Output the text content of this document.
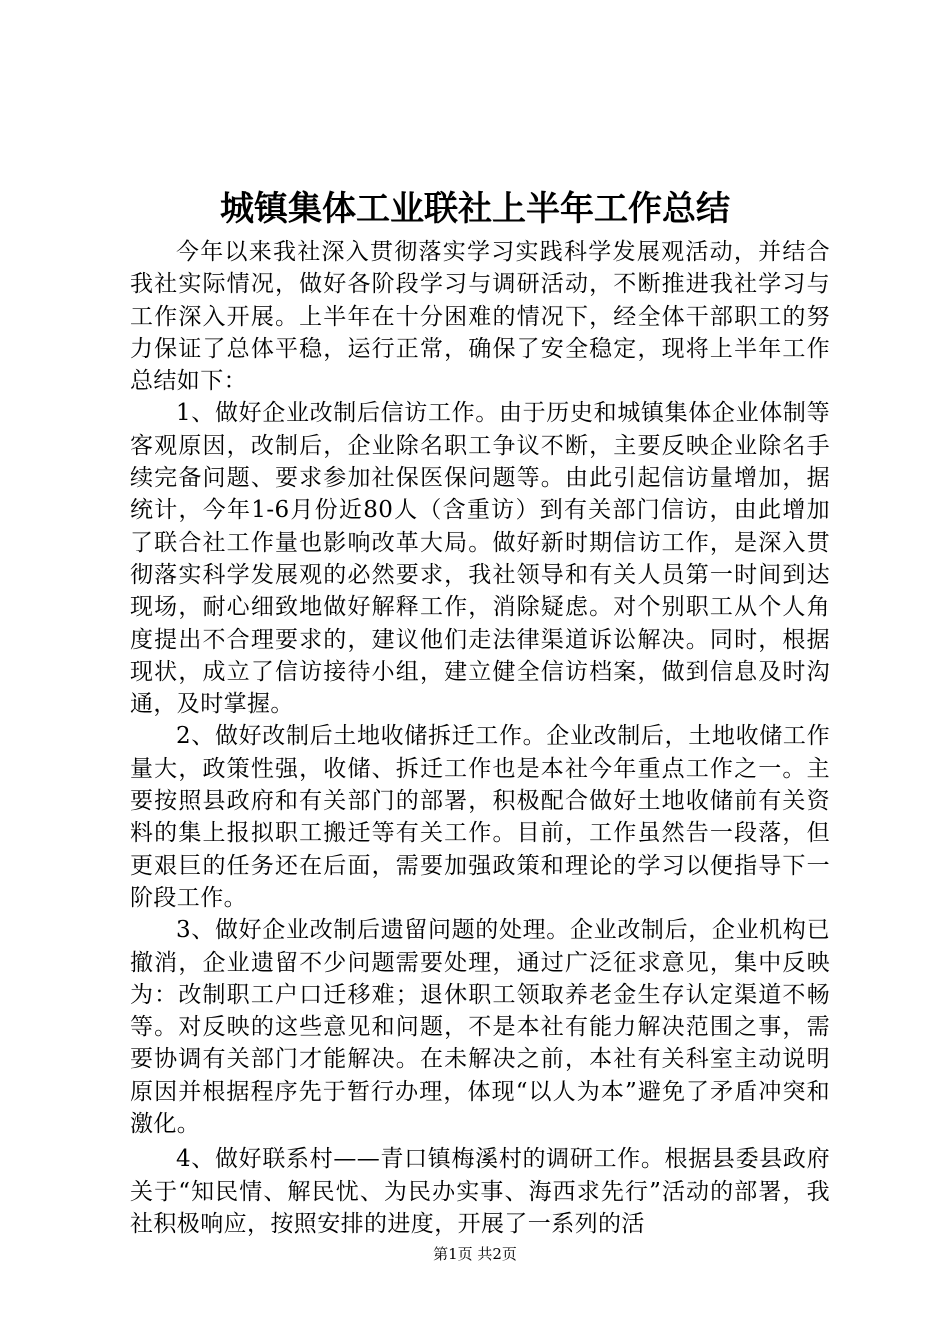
城镇集体工业联社上半年工作总结

今年以来我社深入贯彻落实学习实践科学发展观活动，并结合我社实际情况，做好各阶段学习与调研活动，不断推进我社学习与工作深入开展。上半年在十分困难的情况下，经全体干部职工的努力保证了总体平稳，运行正常，确保了安全稳定，现将上半年工作总结如下：

1、做好企业改制后信访工作。由于历史和城镇集体企业体制等客观原因，改制后，企业除名职工争议不断，主要反映企业除名手续完备问题、要求参加社保医保问题等。由此引起信访量增加，据统计，今年1-6月份近80人（含重访）到有关部门信访，由此增加了联合社工作量也影响改革大局。做好新时期信访工作，是深入贯彻落实科学发展观的必然要求，我社领导和有关人员第一时间到达现场，耐心细致地做好解释工作，消除疑虑。对个别职工从个人角度提出不合理要求的，建议他们走法律渠道诉讼解决。同时，根据现状，成立了信访接待小组，建立健全信访档案，做到信息及时沟通，及时掌握。

2、做好改制后土地收储拆迁工作。企业改制后，土地收储工作量大，政策性强，收储、拆迁工作也是本社今年重点工作之一。主要按照县政府和有关部门的部署，积极配合做好土地收储前有关资料的集上报拟职工搬迁等有关工作。目前，工作虽然告一段落，但更艰巨的任务还在后面，需要加强政策和理论的学习以便指导下一阶段工作。

3、做好企业改制后遗留问题的处理。企业改制后，企业机构已撤消，企业遗留不少问题需要处理，通过广泛征求意见，集中反映为：改制职工户口迁移难；退休职工领取养老金生存认定渠道不畅等。对反映的这些意见和问题，不是本社有能力解决范围之事，需要协调有关部门才能解决。在未解决之前，本社有关科室主动说明原因并根据程序先于暂行办理，体现“以人为本”避免了矛盾冲突和激化。

4、做好联系村——青口镇梅溪村的调研工作。根据县委县政府关于“知民情、解民忧、为民办实事、海西求先行”活动的部署，我社积极响应，按照安排的进度，开展了一系列的活

第1页 共2页
